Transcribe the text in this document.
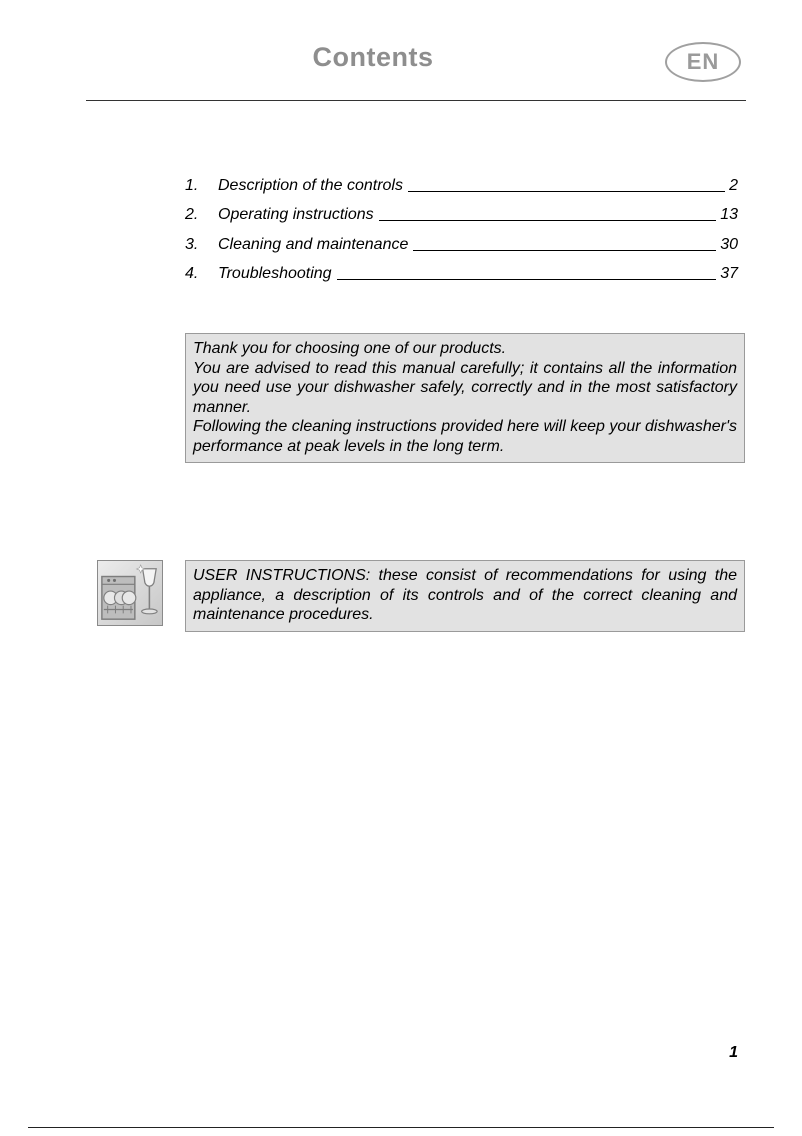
Contents	EN
1.	Description of the controls	2
2.	Operating instructions	13
3.	Cleaning and maintenance	30
4.	Troubleshooting	37

Thank you for choosing one of our products.

You are advised to read this manual carefully; it contains all the information you need use your dishwasher safely, correctly and in the most satisfactory manner.

Following the cleaning instructions provided here will keep your dishwasher's performance at peak levels in the long term.

USER INSTRUCTIONS: these consist of recommendations for using the appliance, a description of its controls and of the correct cleaning and maintenance procedures.

1
